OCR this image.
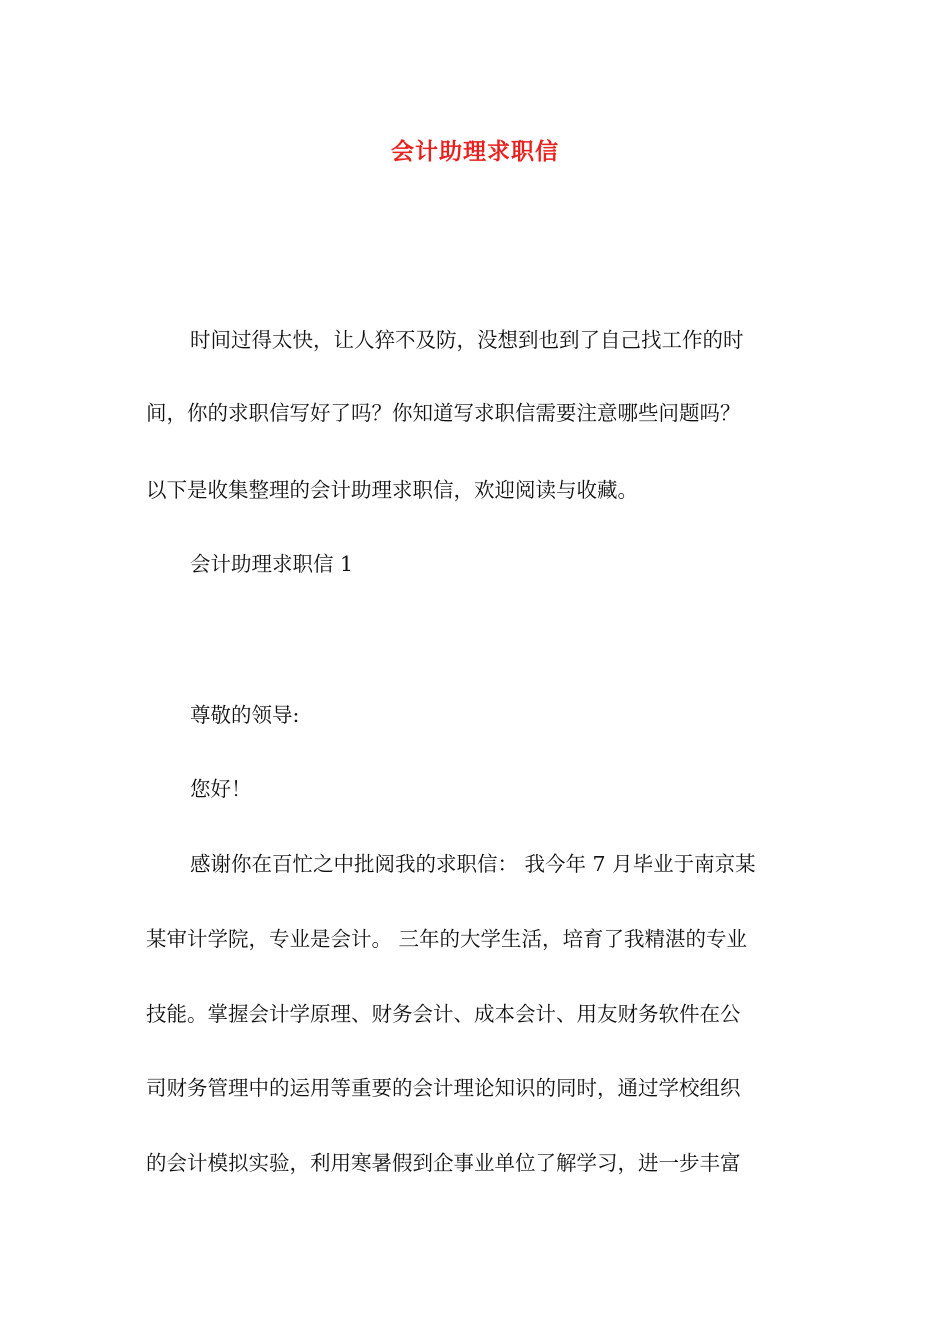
会计助理求职信
时间过得太快，让人猝不及防，没想到也到了自己找工作的时
间，你的求职信写好了吗？你知道写求职信需要注意哪些问题吗？
以下是收集整理的会计助理求职信，欢迎阅读与收藏。
会计助理求职信 1
尊敬的领导:
您好！
感谢你在百忙之中批阅我的求职信： 我今年 7 月毕业于南京某
某审计学院，专业是会计。 三年的大学生活，培育了我精湛的专业
技能。掌握会计学原理、财务会计、成本会计、用友财务软件在公
司财务管理中的运用等重要的会计理论知识的同时，通过学校组织
的会计模拟实验，利用寒暑假到企事业单位了解学习，进一步丰富
